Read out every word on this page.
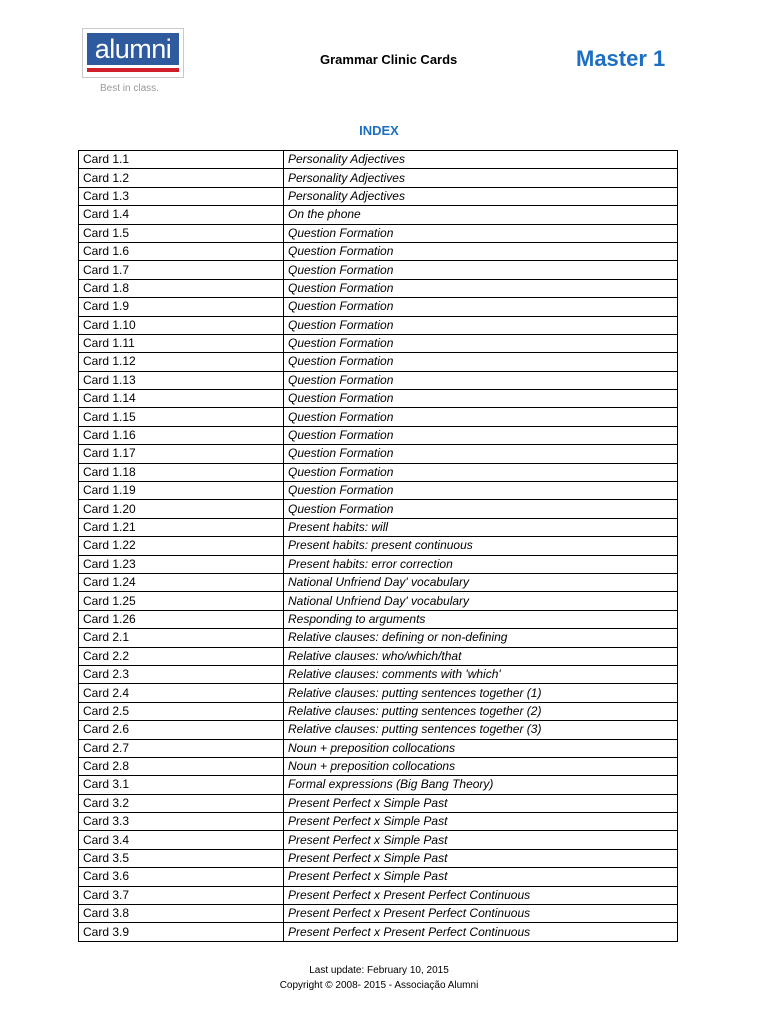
alumni
Best in class.
Grammar Clinic Cards	Master 1
INDEX
Card 1.1	Personality Adjectives
Card 1.2	Personality Adjectives
Card 1.3	Personality Adjectives
Card 1.4	On the phone
Card 1.5	Question Formation
Card 1.6	Question Formation
Card 1.7	Question Formation
Card 1.8	Question Formation
Card 1.9	Question Formation
Card 1.10	Question Formation
Card 1.11	Question Formation
Card 1.12	Question Formation
Card 1.13	Question Formation
Card 1.14	Question Formation
Card 1.15	Question Formation
Card 1.16	Question Formation
Card 1.17	Question Formation
Card 1.18	Question Formation
Card 1.19	Question Formation
Card 1.20	Question Formation
Card 1.21	Present habits: will
Card 1.22	Present habits: present continuous
Card 1.23	Present habits: error correction
Card 1.24	National Unfriend Day' vocabulary
Card 1.25	National Unfriend Day' vocabulary
Card 1.26	Responding to arguments
Card 2.1	Relative clauses: defining or non-defining
Card 2.2	Relative clauses: who/which/that
Card 2.3	Relative clauses: comments with 'which'
Card 2.4	Relative clauses: putting sentences together (1)
Card 2.5	Relative clauses: putting sentences together (2)
Card 2.6	Relative clauses: putting sentences together (3)
Card 2.7	Noun + preposition collocations
Card 2.8	Noun + preposition collocations
Card 3.1	Formal expressions (Big Bang Theory)
Card 3.2	Present Perfect x Simple Past
Card 3.3	Present Perfect x Simple Past
Card 3.4	Present Perfect x Simple Past
Card 3.5	Present Perfect x Simple Past
Card 3.6	Present Perfect x Simple Past
Card 3.7	Present Perfect x Present Perfect Continuous
Card 3.8	Present Perfect x Present Perfect Continuous
Card 3.9	Present Perfect x Present Perfect Continuous
Last update: February 10, 2015
Copyright © 2008- 2015 - Associação Alumni
